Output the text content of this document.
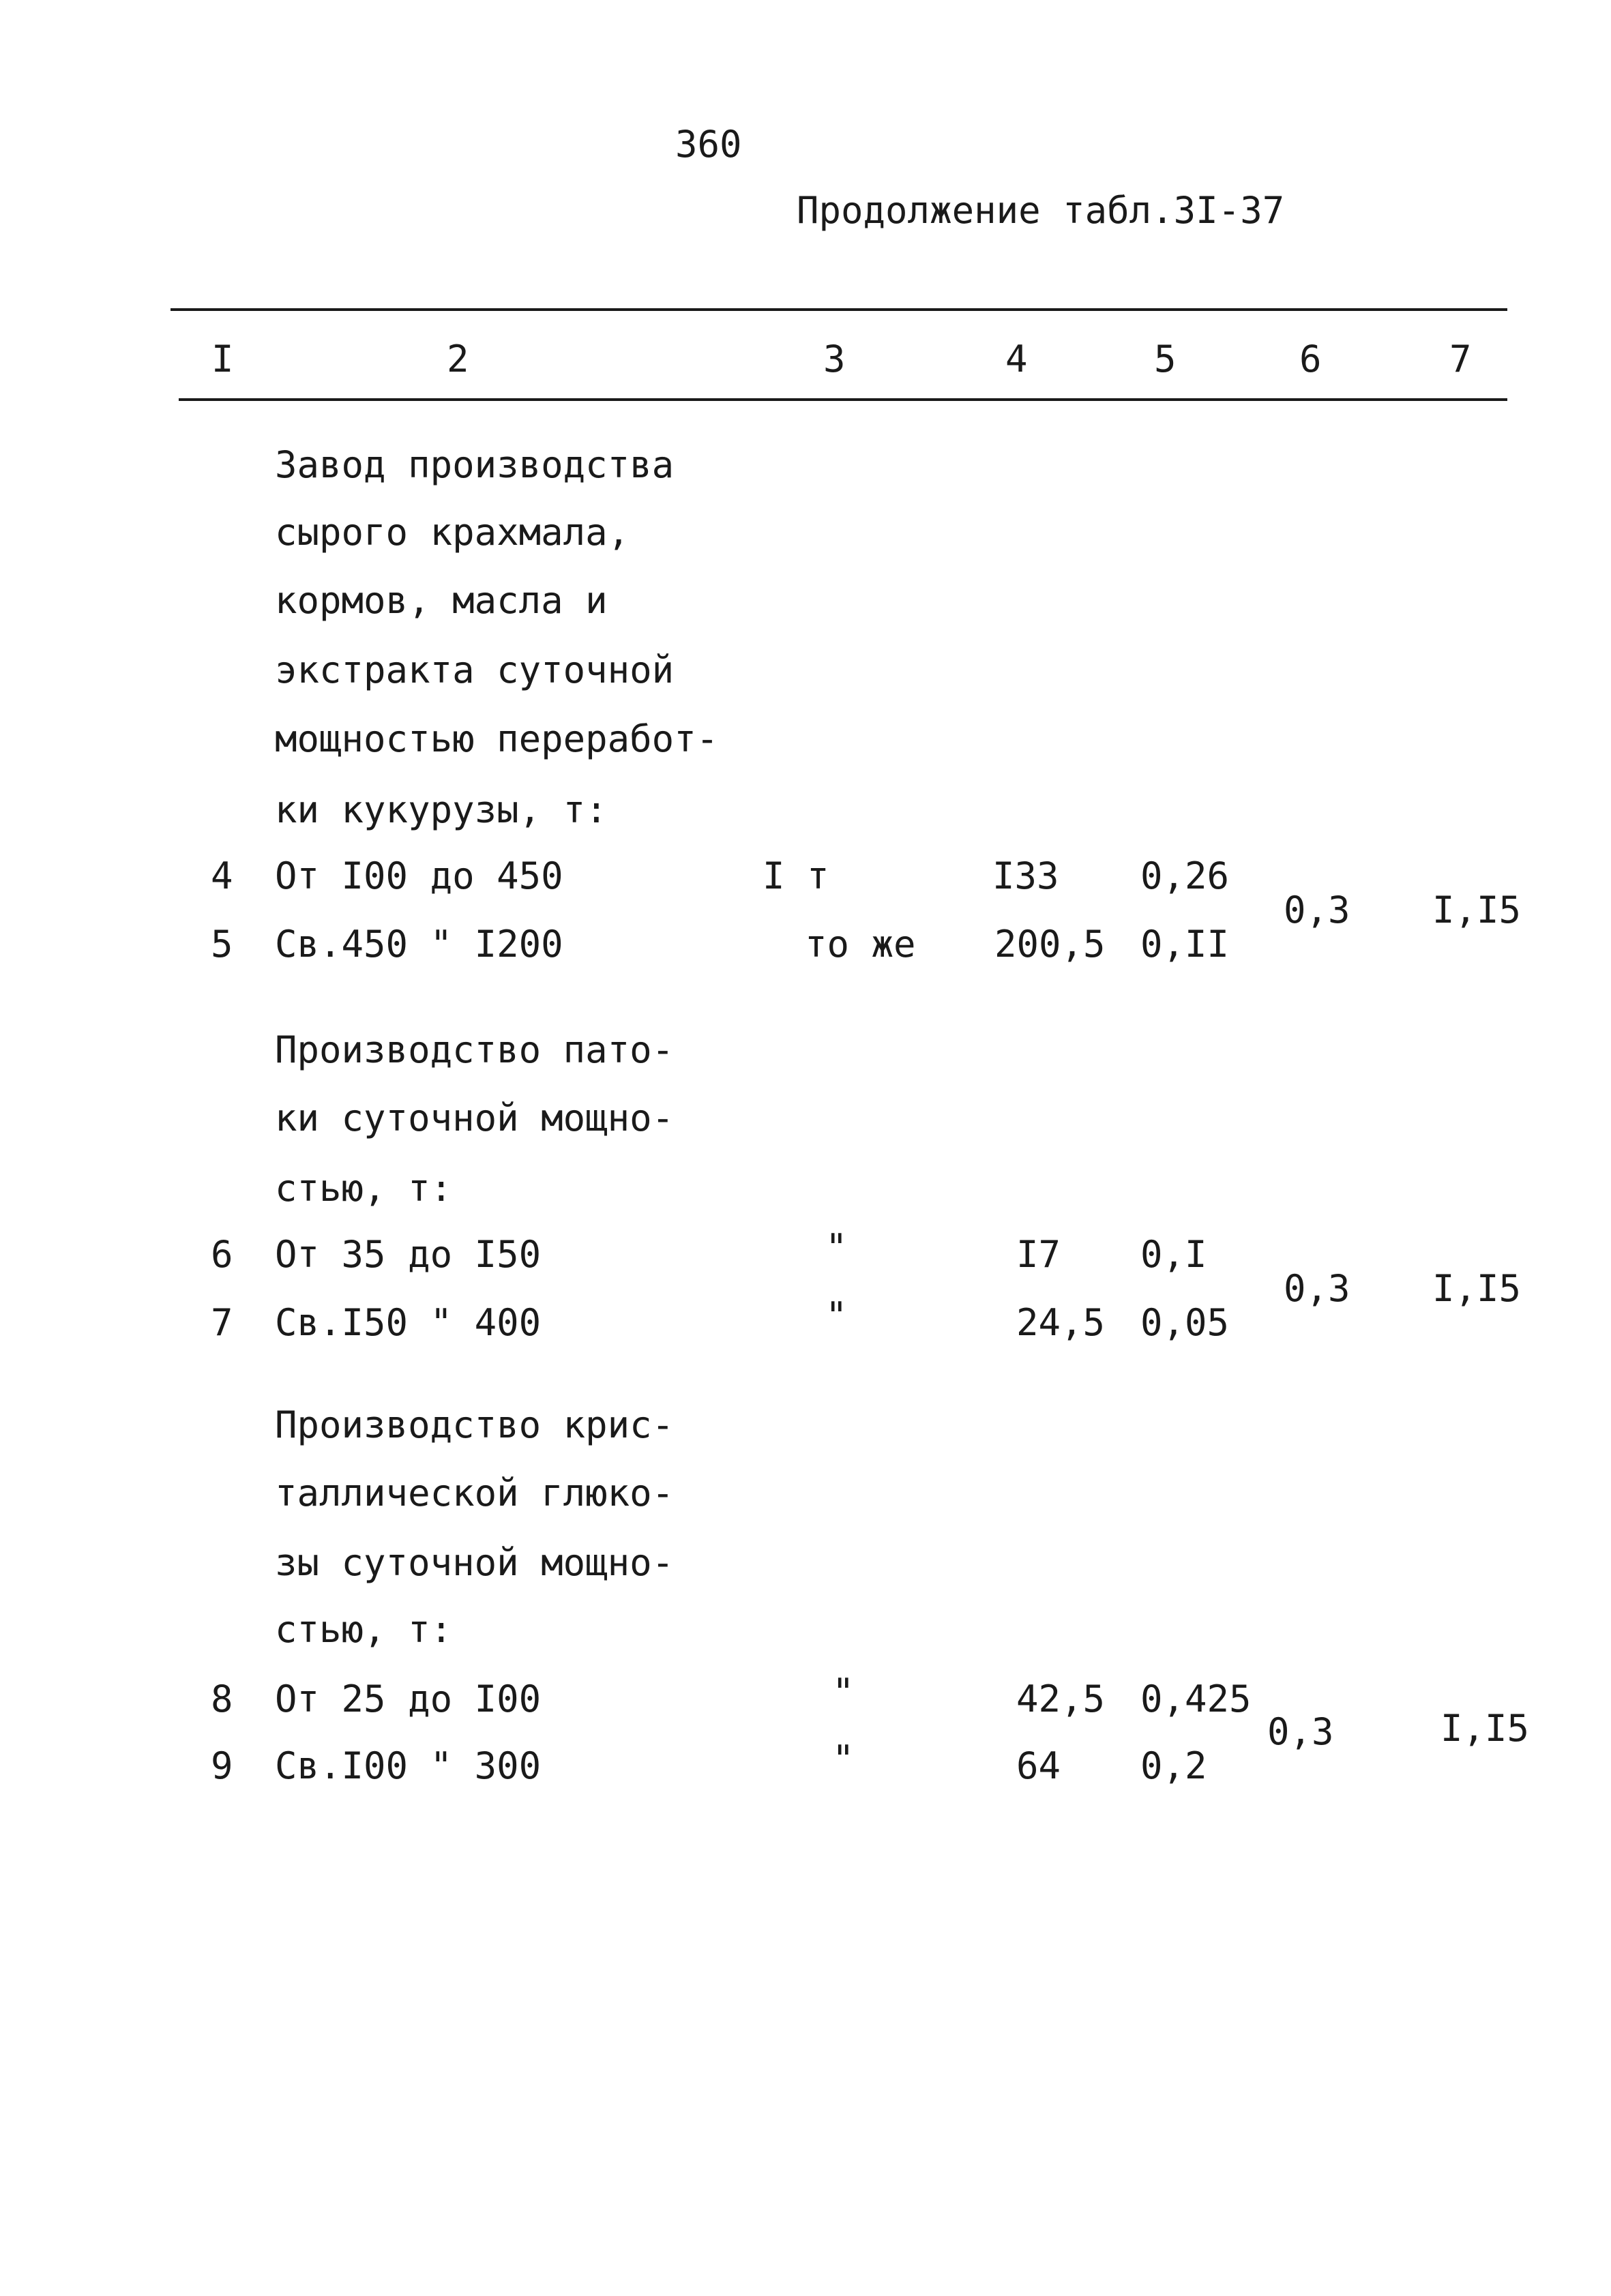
360
Продолжение табл.3I-37
I	2	3	4	5	6	7
Завод производства
сырого крахмала,
кормов, масла и
экстракта суточной
мощностью переработ-
ки кукурузы, т:
4 От I00 до 450	I т	I33 0,26
5 Св.450 " I200	то же 200,5 0,II
0,3 I,I5
Производство пато-
ки суточной мощно-
стью, т:
6 От 35 до I50	"	I7 0,I
7 Св.I50 " 400	"	24,5 0,05
0,3 I,I5
Производство крис-
таллической глюко-
зы суточной мощно-
стью, т:
8 От 25 до I00	"	42,5 0,425
9 Св.I00 " 300	"	64 0,2
0,3	I,I5
